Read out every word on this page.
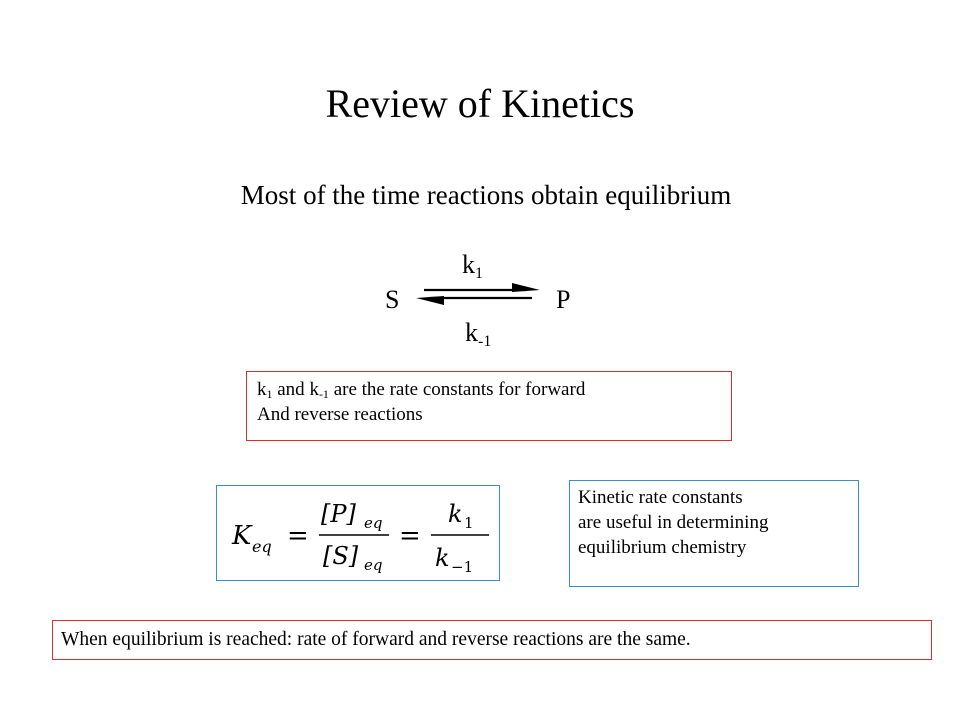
Review of Kinetics
Most of the time reactions obtain equilibrium
$k_1$
S	P
$k_{-1}$
$k_1$ and $k_{-1}$ are the rate constants for forward
And reverse reactions
K eq =
[P] eq
[S] eq
=
k 1
k −1
Kinetic rate constants
are useful in determining
equilibrium chemistry
When equilibrium is reached: rate of forward and reverse reactions are the same.
